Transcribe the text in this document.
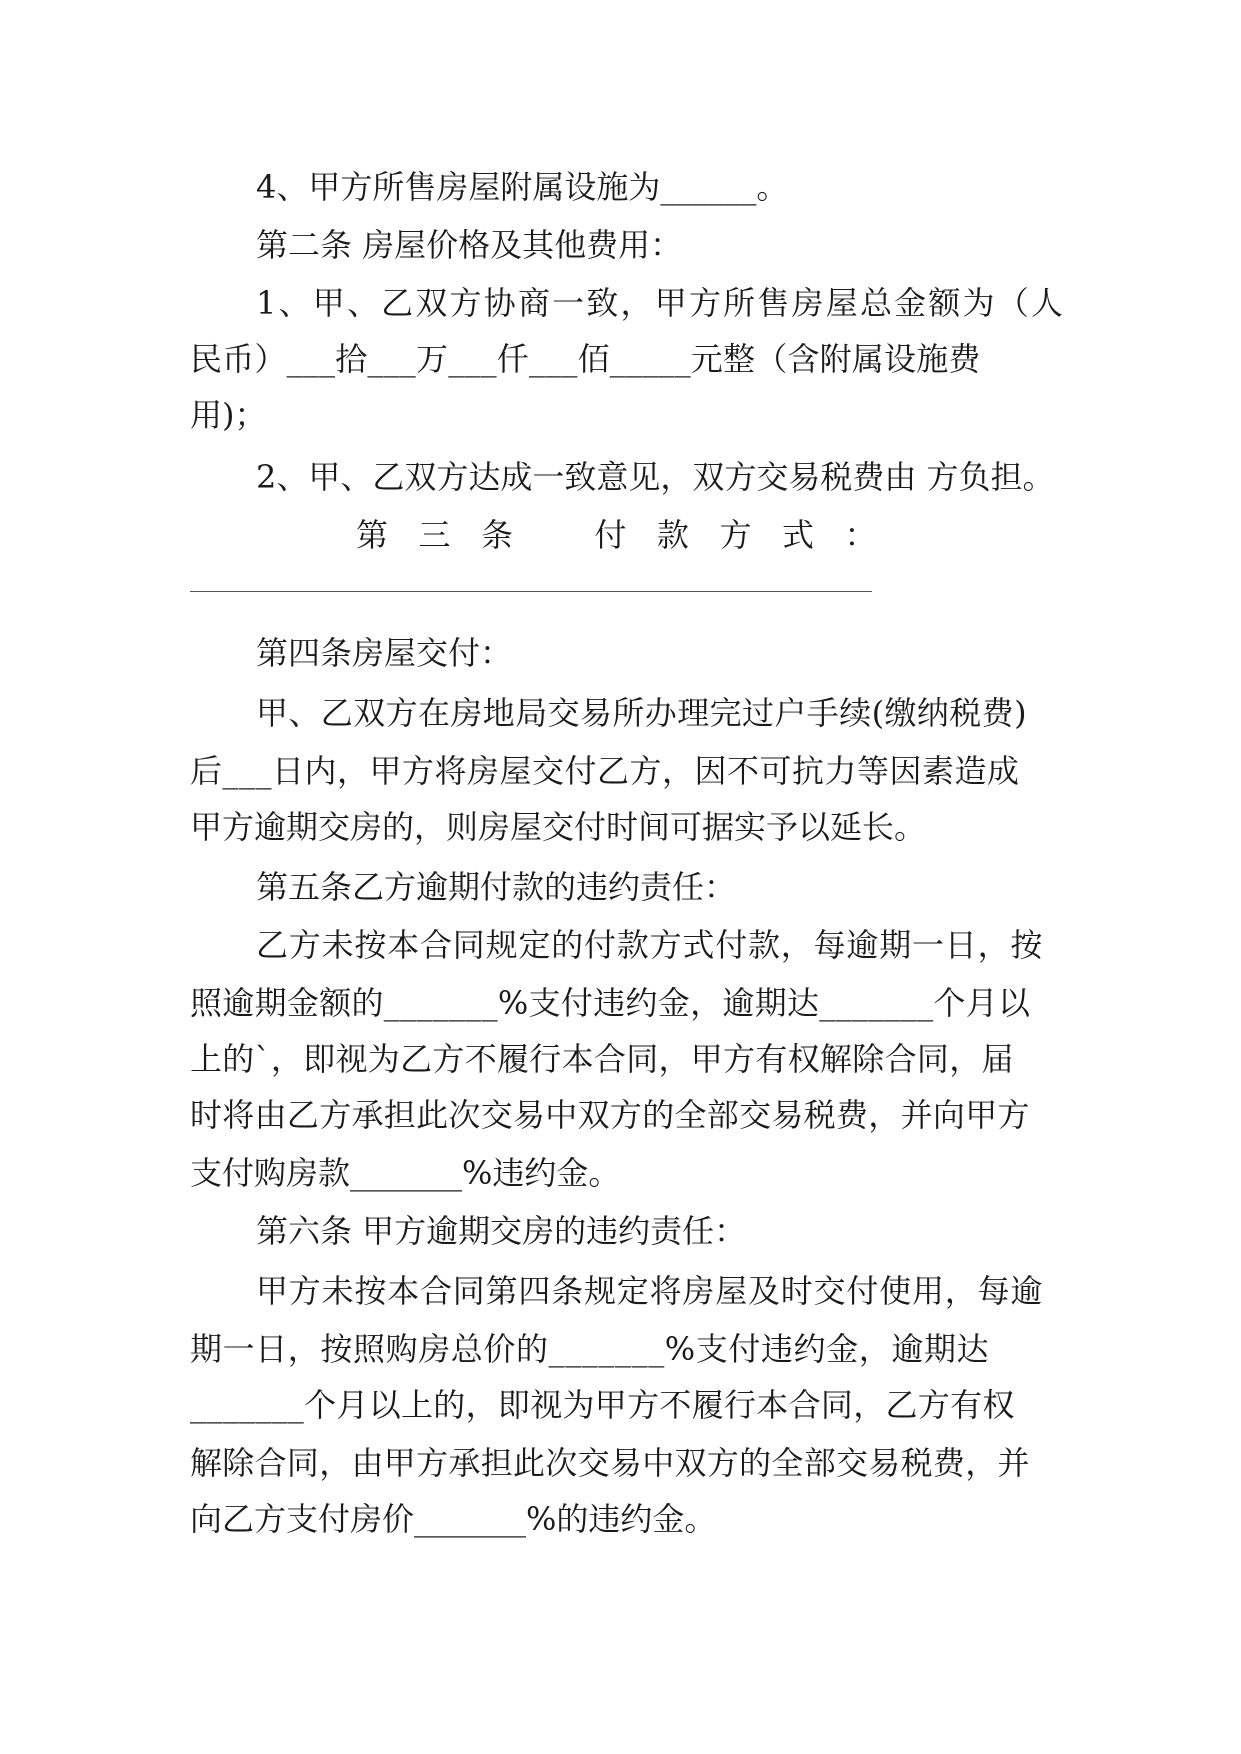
4、甲方所售房屋附属设施为______。
第二条 房屋价格及其他费用：
1、甲、乙双方协商一致，甲方所售房屋总金额为（人
民币）___拾___万___仟___佰_____元整（含附属设施费
用)；
2、甲、乙双方达成一致意见，双方交易税费由 方负担。
第   三   条        付   款   方   式   ：
第四条房屋交付：
甲、乙双方在房地局交易所办理完过户手续(缴纳税费)
后___日内，甲方将房屋交付乙方，因不可抗力等因素造成
甲方逾期交房的，则房屋交付时间可据实予以延长。
第五条乙方逾期付款的违约责任：
乙方未按本合同规定的付款方式付款，每逾期一日，按
照逾期金额的_______%支付违约金，逾期达_______个月以
上的`，即视为乙方不履行本合同，甲方有权解除合同，届
时将由乙方承担此次交易中双方的全部交易税费，并向甲方
支付购房款_______%违约金。
第六条 甲方逾期交房的违约责任：
甲方未按本合同第四条规定将房屋及时交付使用，每逾
期一日，按照购房总价的_______%支付违约金，逾期达
_______个月以上的，即视为甲方不履行本合同，乙方有权
解除合同，由甲方承担此次交易中双方的全部交易税费，并
向乙方支付房价_______%的违约金。
